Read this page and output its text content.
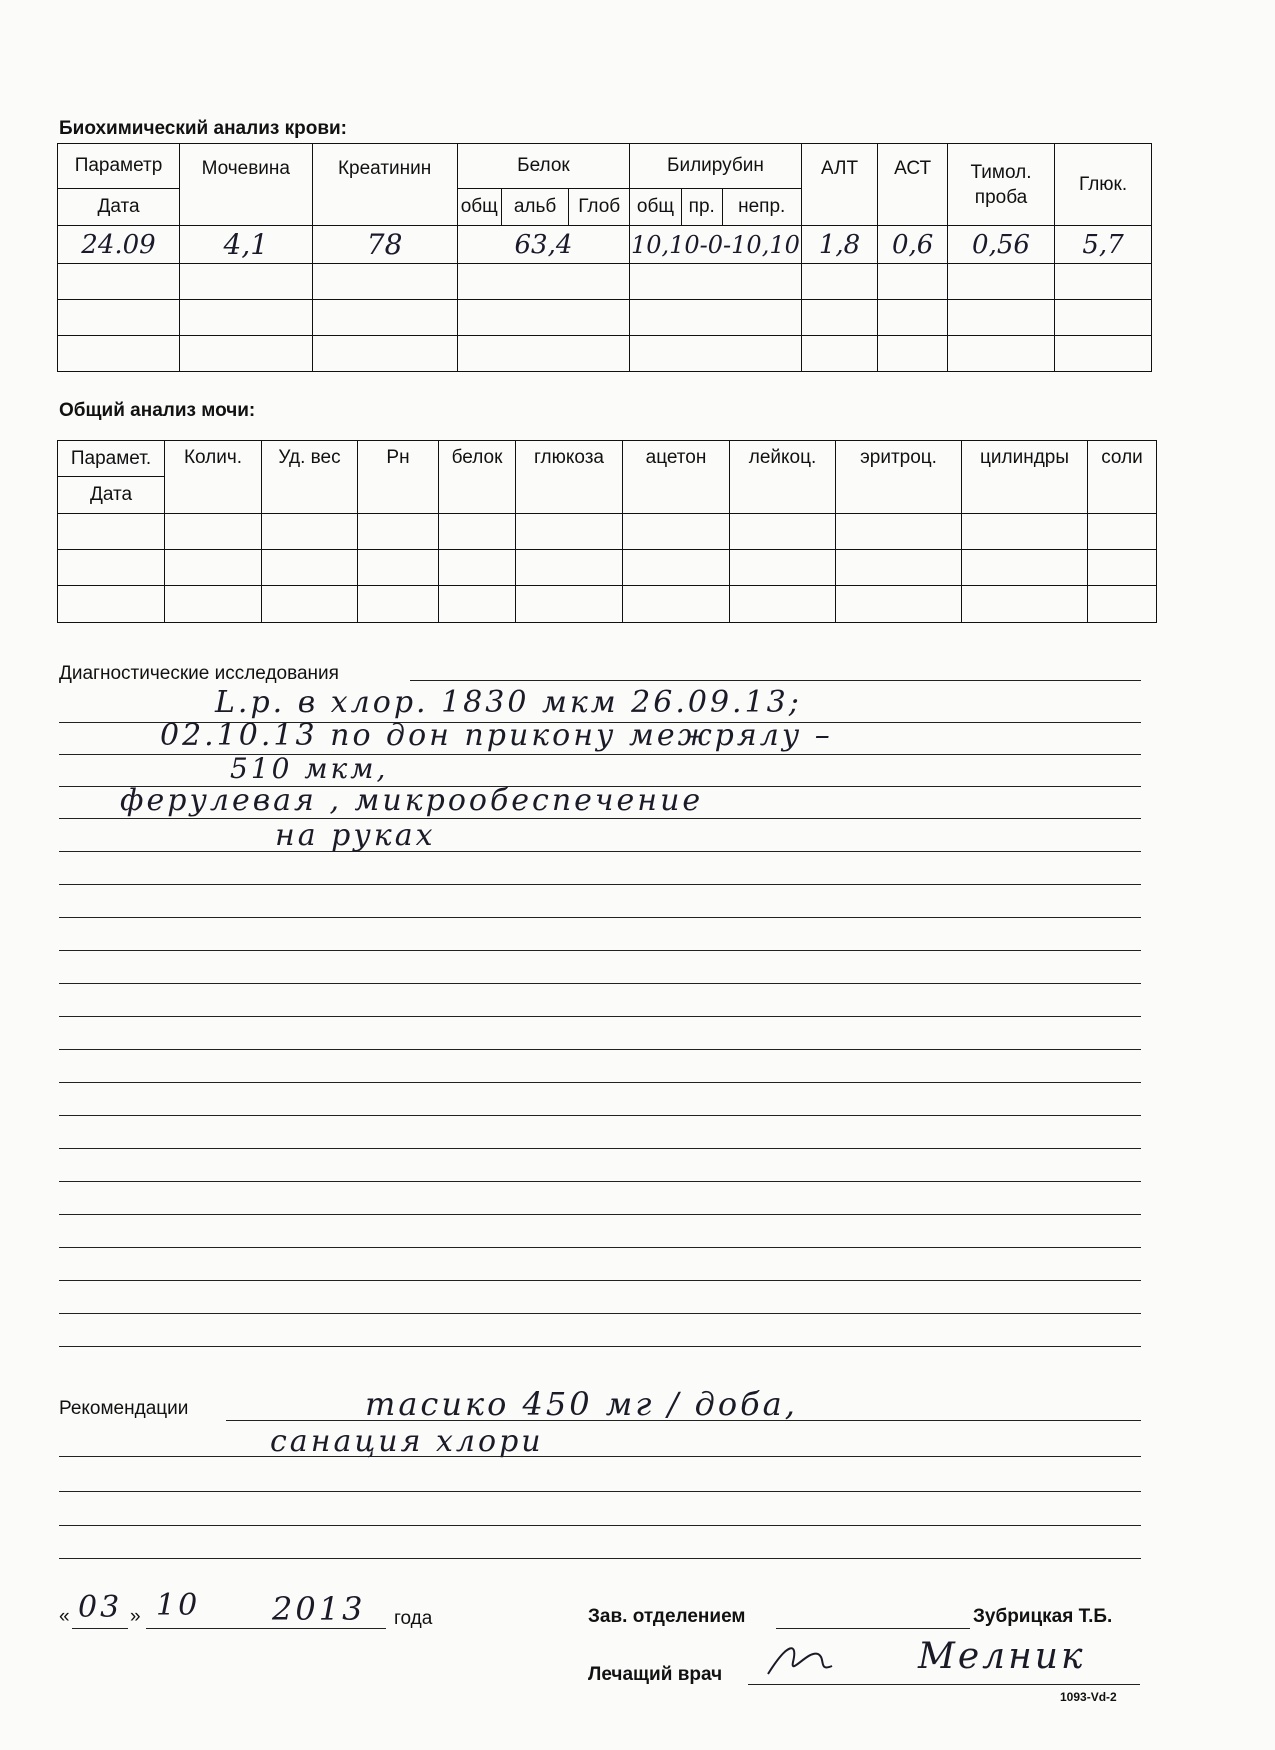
Биохимический анализ крови:
Параметр	Мочевина	Креатинин	Белок			Билирубин			АЛТ	АСТ	Тимол. проба	Глюк.
Дата			общ	альб	Глоб	общ	пр.	непр.				
24.09	4,1	78	63,4			10,10-0-10,10			1,8	0,6	0,56	5,7

Общий анализ мочи:
Парамет.	Колич.	Уд. вес	Рн	белок	глюкоза	ацетон	лейкоц.	эритроц.	цилиндры	соли
Дата										

Диагностические исследования
L.p. в хлор. 1830 мкм 26.09.13;
02.10.13 по дон прикону межрялу –
510 мкм,
ферулевая , микрообеспечение
на руках
Рекомендации	тасико 450 мг / доба,
санация хлори
« 03 » 10 2013 года	Зав. отделением	Зубрицкая Т.Б.
Лечащий врач	Мелник
1093-Vd-2
